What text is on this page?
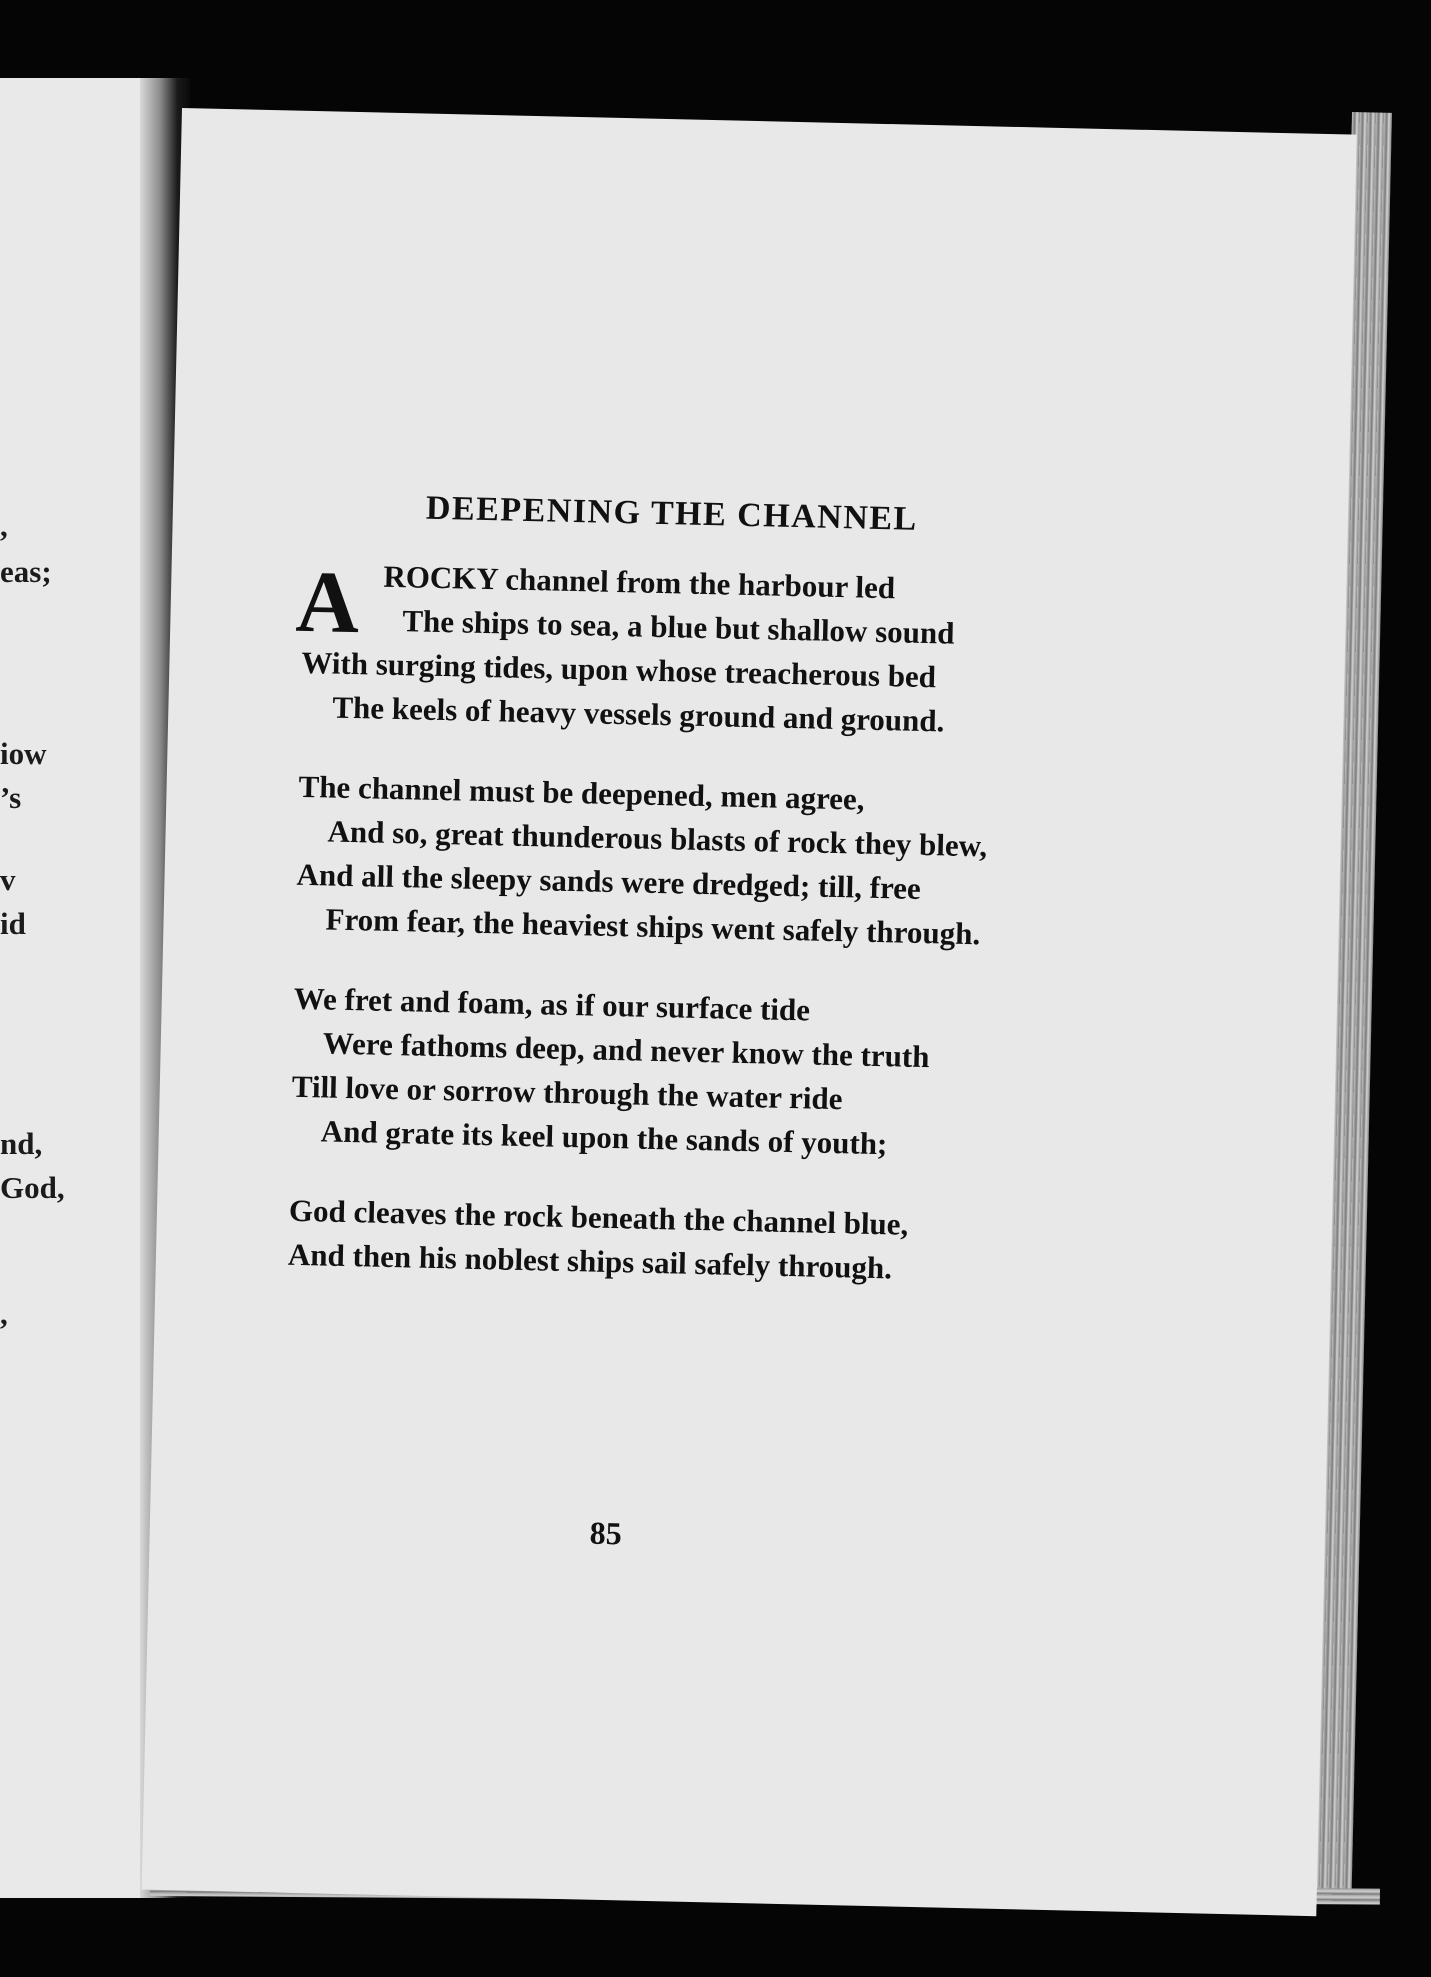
,
eas;
iow
’s
v
id
nd,
God,
,
DEEPENING THE CHANNEL
A ROCKY channel from the harbour led
The ships to sea, a blue but shallow sound
With surging tides, upon whose treacherous bed
The keels of heavy vessels ground and ground.
The channel must be deepened, men agree,
And so, great thunderous blasts of rock they blew,
And all the sleepy sands were dredged; till, free
From fear, the heaviest ships went safely through.
We fret and foam, as if our surface tide
Were fathoms deep, and never know the truth
Till love or sorrow through the water ride
And grate its keel upon the sands of youth;
God cleaves the rock beneath the channel blue,
And then his noblest ships sail safely through.
85
